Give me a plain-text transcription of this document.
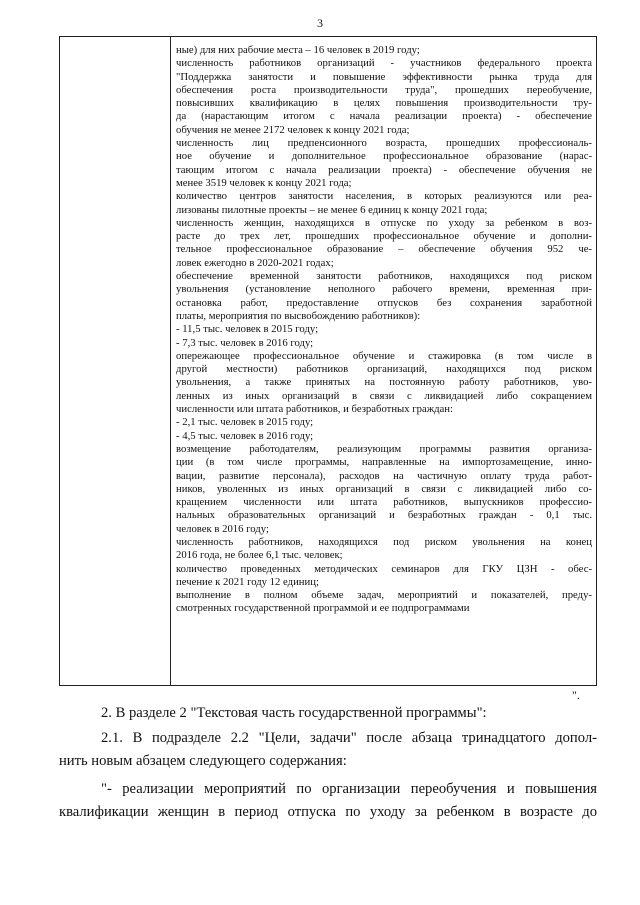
3
ные) для них рабочие места – 16 человек в 2019 году;
численность работников организаций - участников федерального проекта
"Поддержка занятости и повышение эффективности рынка труда для
обеспечения роста производительности труда", прошедших переобучение,
повысивших квалификацию в целях повышения производительности тру-
да (нарастающим итогом с начала реализации проекта) - обеспечение
обучения не менее 2172 человек к концу 2021 года;
численность лиц предпенсионного возраста, прошедших профессиональ-
ное обучение и дополнительное профессиональное образование (нарас-
тающим итогом с начала реализации проекта) - обеспечение обучения не
менее 3519 человек к концу 2021 года;
количество центров занятости населения, в которых реализуются или реа-
лизованы пилотные проекты – не менее 6 единиц к концу 2021 года;
численность женщин, находящихся в отпуске по уходу за ребенком в воз-
расте до трех лет, прошедших профессиональное обучение и дополни-
тельное профессиональное образование – обеспечение обучения 952 че-
ловек ежегодно в 2020-2021 годах;
обеспечение временной занятости работников, находящихся под риском
увольнения (установление неполного рабочего времени, временная при-
остановка работ, предоставление отпусков без сохранения заработной
платы, мероприятия по высвобождению работников):
- 11,5 тыс. человек в 2015 году;
- 7,3 тыс. человек в 2016 году;
опережающее профессиональное обучение и стажировка (в том числе в
другой местности) работников организаций, находящихся под риском
увольнения, а также принятых на постоянную работу работников, уво-
ленных из иных организаций в связи с ликвидацией либо сокращением
численности или штата работников, и безработных граждан:
- 2,1 тыс. человек в 2015 году;
- 4,5 тыс. человек в 2016 году;
возмещение работодателям, реализующим программы развития организа-
ции (в том числе программы, направленные на импортозамещение, инно-
вации, развитие персонала), расходов на частичную оплату труда работ-
ников, уволенных из иных организаций в связи с ликвидацией либо со-
кращением численности или штата работников, выпускников профессио-
нальных образовательных организаций и безработных граждан - 0,1 тыс.
человек в 2016 году;
численность работников, находящихся под риском увольнения на конец
2016 года, не более 6,1 тыс. человек;
количество проведенных методических семинаров для ГКУ ЦЗН - обес-
печение к 2021 году 12 единиц;
выполнение в полном объеме задач, мероприятий и показателей, преду-
смотренных государственной программой и ее подпрограммами
".
2. В разделе 2 "Текстовая часть государственной программы":
2.1. В подразделе 2.2 "Цели, задачи" после абзаца тринадцатого допол-
нить новым абзацем следующего содержания:
"- реализации мероприятий по организации переобучения и повышения
квалификации женщин в период отпуска по уходу за ребенком в возрасте до
